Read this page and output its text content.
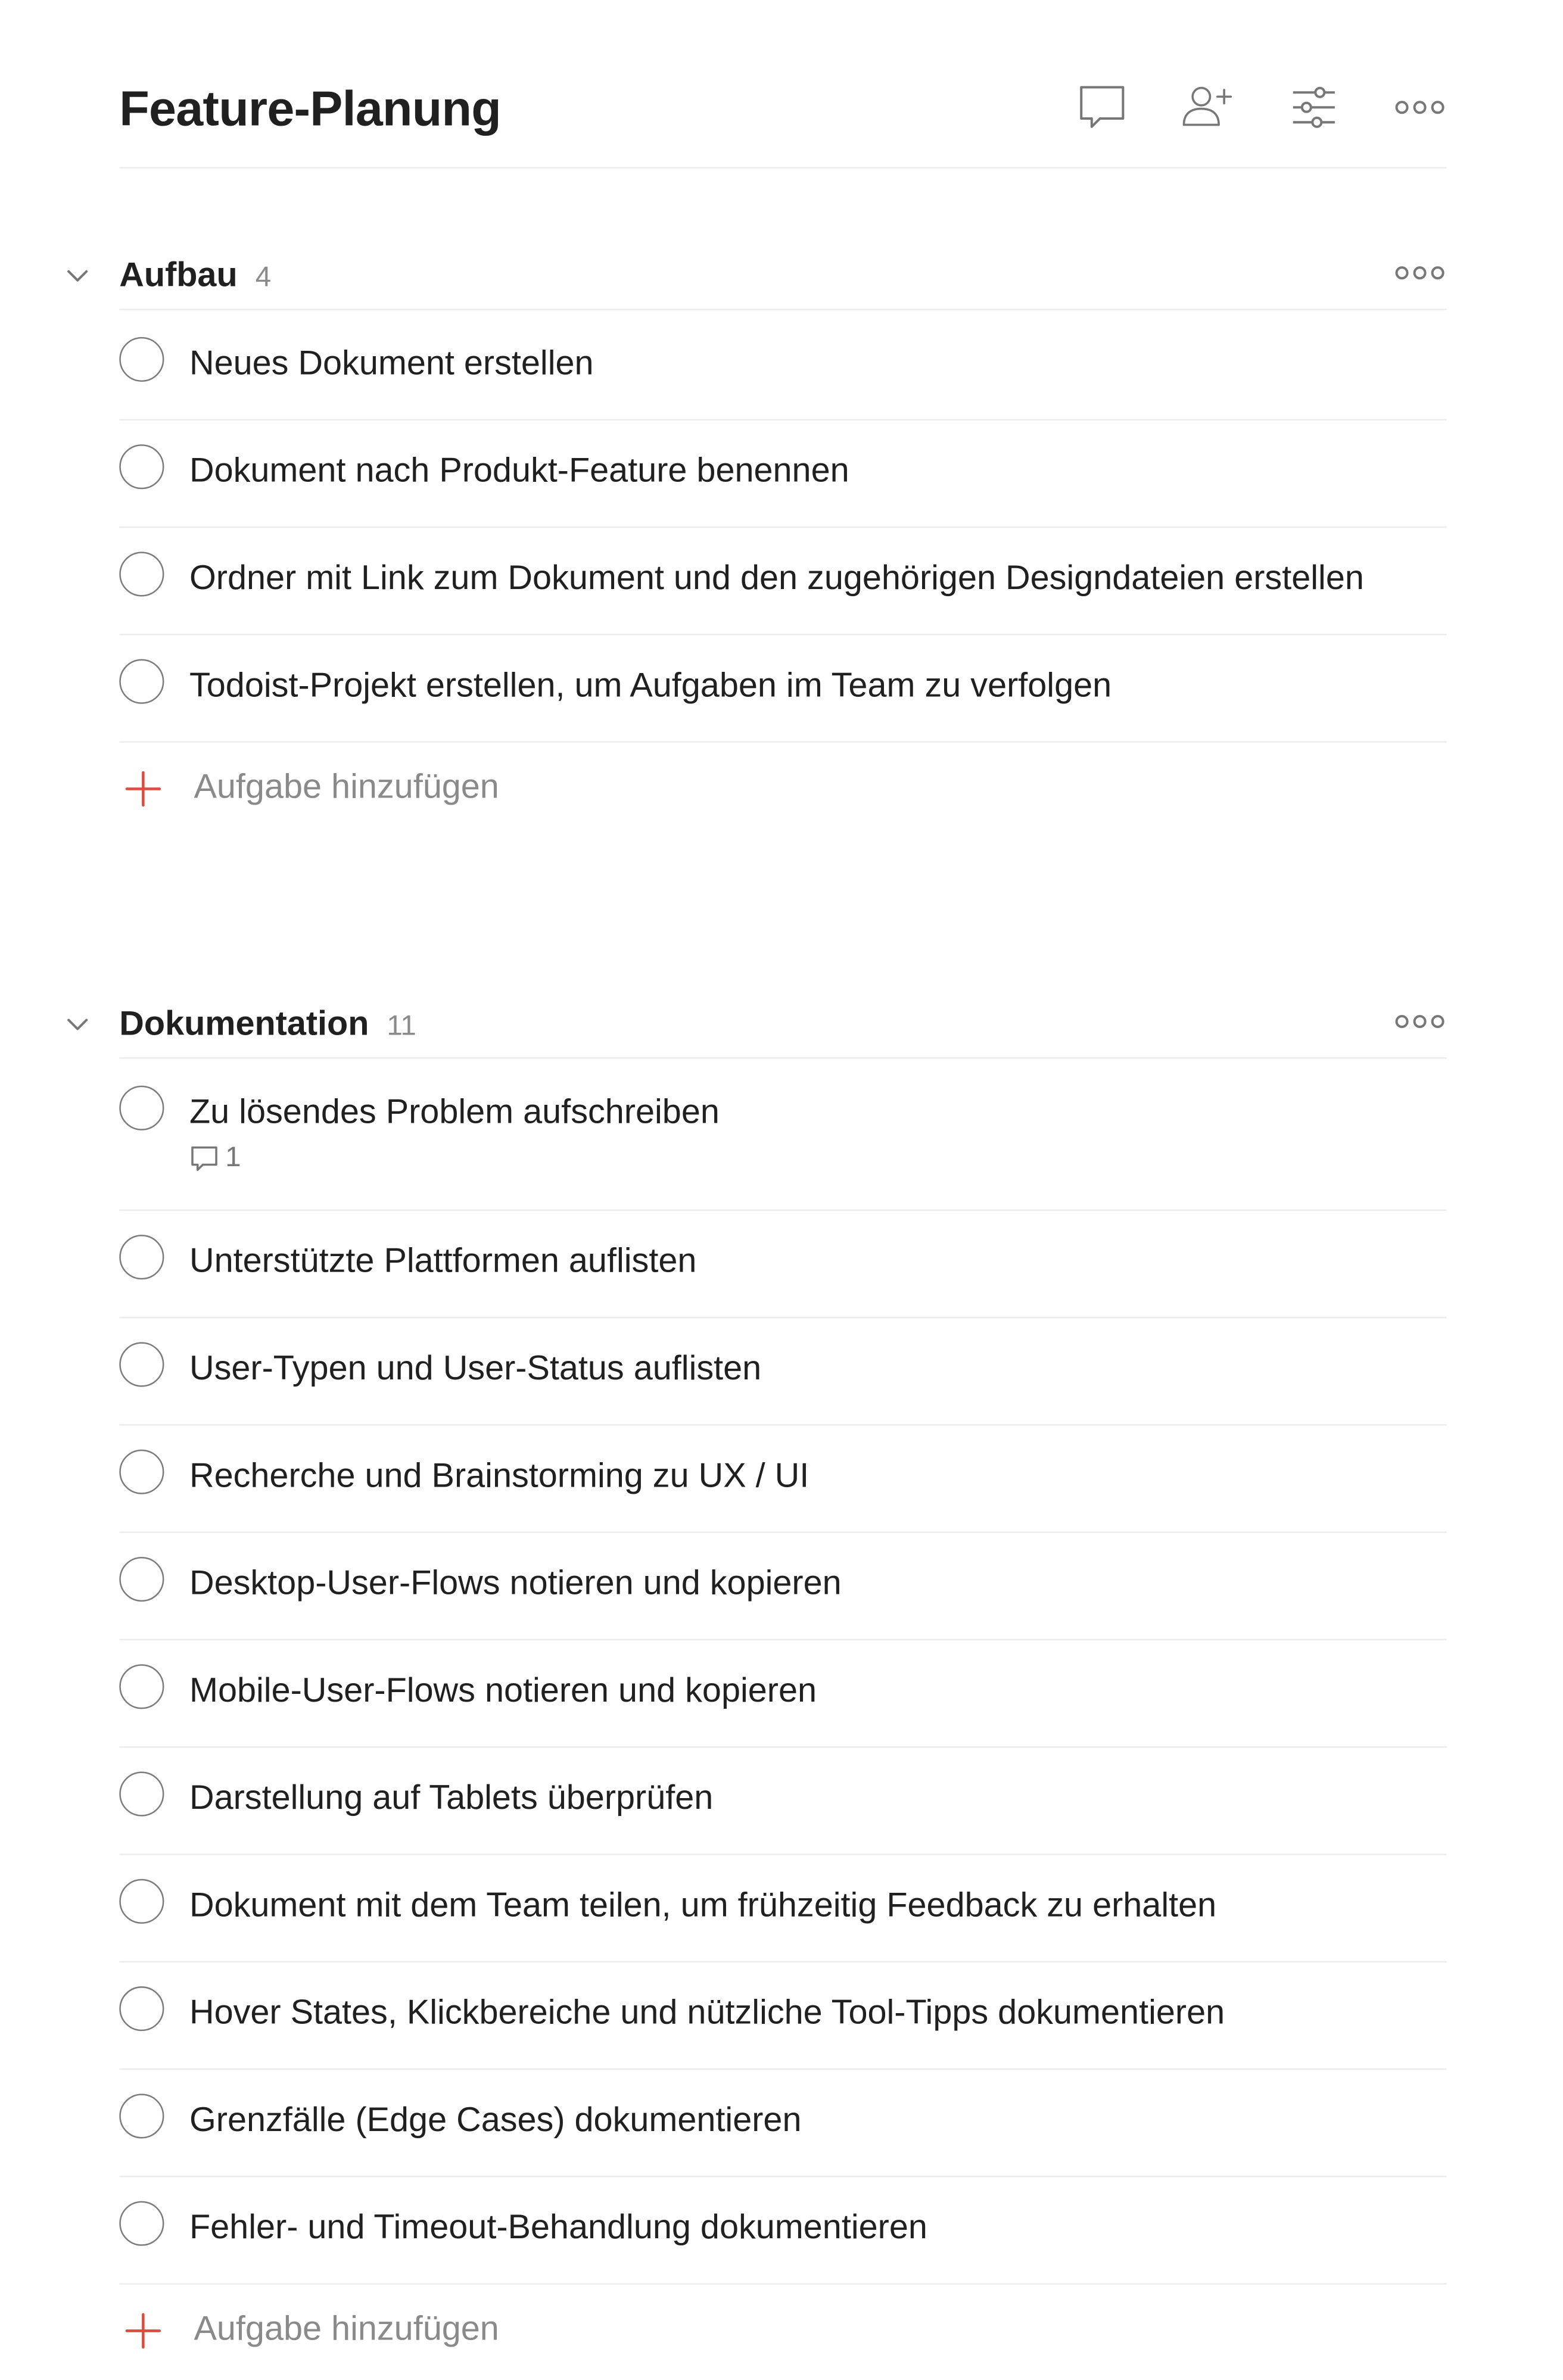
Feature-Planung
Aufbau 4
Neues Dokument erstellen
Dokument nach Produkt-Feature benennen
Ordner mit Link zum Dokument und den zugehörigen Designdateien erstellen
Todoist-Projekt erstellen, um Aufgaben im Team zu verfolgen
Aufgabe hinzufügen
Dokumentation 11
Zu lösendes Problem aufschreiben
1
Unterstützte Plattformen auflisten
User-Typen und User-Status auflisten
Recherche und Brainstorming zu UX / UI
Desktop-User-Flows notieren und kopieren
Mobile-User-Flows notieren und kopieren
Darstellung auf Tablets überprüfen
Dokument mit dem Team teilen, um frühzeitig Feedback zu erhalten
Hover States, Klickbereiche und nützliche Tool-Tipps dokumentieren
Grenzfälle (Edge Cases) dokumentieren
Fehler- und Timeout-Behandlung dokumentieren
Aufgabe hinzufügen
